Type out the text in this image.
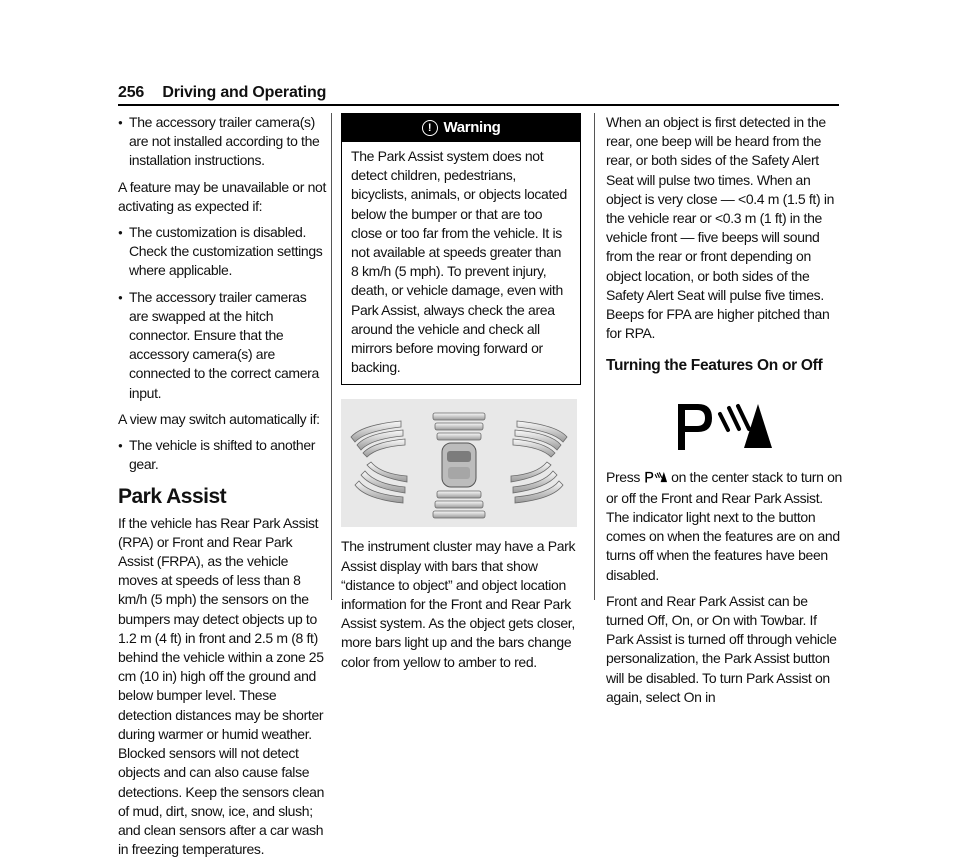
256 Driving and Operating
● The accessory trailer camera(s) are not installed according to the installation instructions.

A feature may be unavailable or not activating as expected if:

● The customization is disabled. Check the customization settings where applicable.
● The accessory trailer cameras are swapped at the hitch connector. Ensure that the accessory camera(s) are connected to the correct camera input.

A view may switch automatically if:

● The vehicle is shifted to another gear.
Park Assist

If the vehicle has Rear Park Assist (RPA) or Front and Rear Park Assist (FRPA), as the vehicle moves at speeds of less than 8 km/h (5 mph) the sensors on the bumpers may detect objects up to 1.2 m (4 ft) in front and 2.5 m (8 ft) behind the vehicle within a zone 25 cm (10 in) high off the ground and below bumper level. These detection distances may be shorter during warmer or humid weather. Blocked sensors will not detect objects and can also cause false detections. Keep the sensors clean of mud, dirt, snow, ice, and slush; and clean sensors after a car wash in freezing temperatures.

! Warning
The Park Assist system does not detect children, pedestrians, bicyclists, animals, or objects located below the bumper or that are too close or too far from the vehicle. It is not available at speeds greater than 8 km/h (5 mph). To prevent injury, death, or vehicle damage, even with Park Assist, always check the area around the vehicle and check all mirrors before moving forward or backing.

The instrument cluster may have a Park Assist display with bars that show “distance to object” and object location information for the Front and Rear Park Assist system. As the object gets closer, more bars light up and the bars change color from yellow to amber to red.

When an object is first detected in the rear, one beep will be heard from the rear, or both sides of the Safety Alert Seat will pulse two times. When an object is very close — <0.4 m (1.5 ft) in the vehicle rear or <0.3 m (1 ft) in the vehicle front — five beeps will sound from the rear or front depending on object location, or both sides of the Safety Alert Seat will pulse five times. Beeps for FPA are higher pitched than for RPA.

Turning the Features On or Off

Press on the center stack to turn on or off the Front and Rear Park Assist. The indicator light next to the button comes on when the features are on and turns off when the features have been disabled.

Front and Rear Park Assist can be turned Off, On, or On with Towbar. If Park Assist is turned off through vehicle personalization, the Park Assist button will be disabled. To turn Park Assist on again, select On in
